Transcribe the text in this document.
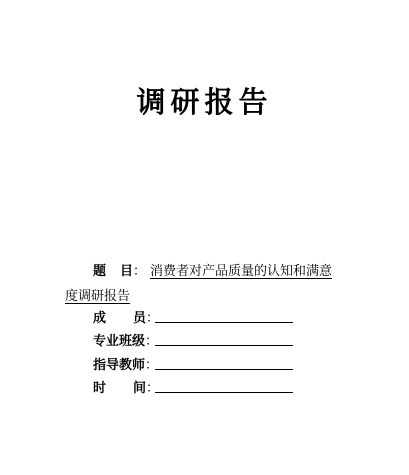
调研报告
题 目： 消费者对产品质量的认知和满意
度调研报告
成 员：
专业班级：
指导教师：
时 间：
